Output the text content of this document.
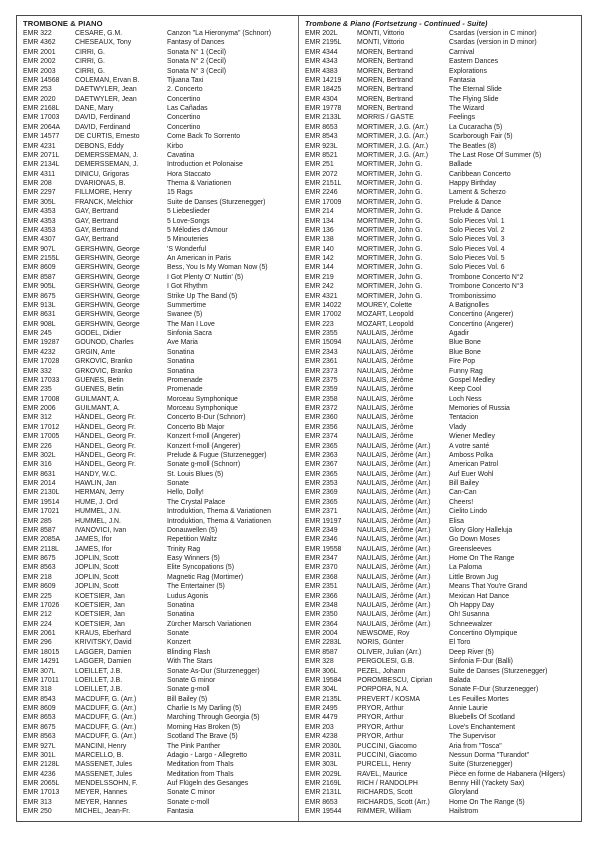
TROMBONE & PIANO
EMR 322	CESARE, G.M.	Canzon "La Hieronyma" (Schnorr)
EMR 4362	CHESEAUX, Tony	Fantasy of Dances
EMR 2001	CIRRI, G.	Sonata N° 1 (Cecil)
EMR 2002	CIRRI, G.	Sonata N° 2 (Cecil)
EMR 2003	CIRRI, G.	Sonata N° 3 (Cecil)
EMR 14568	COLEMAN, Ervan B.	Tijuana Taxi
EMR 253	DAETWYLER, Jean	2. Concerto
EMR 2020	DAETWYLER, Jean	Concertino
EMR 2168L	DANE, Mary	Las Cañadas
EMR 17003	DAVID, Ferdinand	Concertino
EMR 2064A	DAVID, Ferdinand	Concertino
EMR 14577	DE CURTIS, Ernesto	Come Back To Sorrento
EMR 4231	DEBONS, Eddy	Kirbo
EMR 2071L	DEMERSSEMAN, J.	Cavatina
EMR 2134L	DEMERSSEMAN, J.	Introduction et Polonaise
EMR 4311	DINICU, Grigoras	Hora Staccato
EMR 208	DVARIONAS, B.	Thema & Variationen
EMR 2297	FILLMORE, Henry	15 Rags
EMR 305L	FRANCK, Melchior	Suite de Danses (Sturzenegger)
EMR 4353	GAY, Bertrand	5 Liebeslieder
EMR 4353	GAY, Bertrand	5 Love-Songs
EMR 4353	GAY, Bertrand	5 Mélodies d'Amour
EMR 4307	GAY, Bertrand	5 Minouteries
EMR 907L	GERSHWIN, George	'S Wonderful
EMR 2155L	GERSHWIN, George	An American in Paris
EMR 8609	GERSHWIN, George	Bess, You Is My Woman Now (5)
EMR 8587	GERSHWIN, George	I Got Plenty O' Nuttin' (5)
EMR 905L	GERSHWIN, George	I Got Rhythm
EMR 8675	GERSHWIN, George	Strike Up The Band (5)
EMR 913L	GERSHWIN, George	Summertime
EMR 8631	GERSHWIN, George	Swanee (5)
EMR 908L	GERSHWIN, George	The Man I Love
EMR 245	GODEL, Didier	Sinfonia Sacra
EMR 19287	GOUNOD, Charles	Ave Maria
EMR 4232	GRGIN, Ante	Sonatina
EMR 17028	GRKOVIC, Branko	Sonatina
EMR 332	GRKOVIC, Branko	Sonatina
EMR 17033	GUENES, Betin	Promenade
EMR 235	GUENES, Betin	Promenade
EMR 17008	GUILMANT, A.	Morceau Symphonique
EMR 2006	GUILMANT, A.	Morceau Symphonique
EMR 312	HÄNDEL, Georg Fr.	Concerto B-Dur (Schnorr)
EMR 17012	HÄNDEL, Georg Fr.	Concerto Bb Major
EMR 17005	HÄNDEL, Georg Fr.	Konzert f-moll (Angerer)
EMR 226	HÄNDEL, Georg Fr.	Konzert f-moll (Angerer)
EMR 302L	HÄNDEL, Georg Fr.	Prelude & Fugue (Sturzenegger)
EMR 316	HÄNDEL, Georg Fr.	Sonate g-moll (Schnorr)
EMR 8631	HANDY, W.C.	St. Louis Blues (5)
EMR 2014	HAWLIN, Jan	Sonate
EMR 2130L	HERMAN, Jerry	Hello, Dolly!
EMR 19514	HUME, J. Ord	The Crystal Palace
EMR 17021	HUMMEL, J.N.	Introduktion, Thema & Variationen
EMR 285	HUMMEL, J.N.	Introduktion, Thema & Variationen
EMR 8587	IVANOVICI, Ivan	Donauwellen (5)
EMR 2085A	JAMES, Ifor	Repetition Waltz
EMR 2118L	JAMES, Ifor	Trinity Rag
EMR 8675	JOPLIN, Scott	Easy Winners (5)
EMR 8563	JOPLIN, Scott	Elite Syncopations (5)
EMR 218	JOPLIN, Scott	Magnetic Rag (Mortimer)
EMR 8609	JOPLIN, Scott	The Entertainer (5)
EMR 225	KOETSIER, Jan	Ludus Agonis
EMR 17026	KOETSIER, Jan	Sonatina
EMR 212	KOETSIER, Jan	Sonatina
EMR 224	KOETSIER, Jan	Zürcher Marsch Variationen
EMR 2061	KRAUS, Eberhard	Sonate
EMR 296	KRIVITSKY, David	Konzert
EMR 18015	LAGGER, Damien	Blinding Flash
EMR 14291	LAGGER, Damien	With The Stars
EMR 307L	LOEILLET, J.B.	Sonate As-Dur (Sturzenegger)
EMR 17011	LOEILLET, J.B.	Sonate G minor
EMR 318	LOEILLET, J.B.	Sonate g-moll
EMR 8543	MACDUFF, G. (Arr.)	Bill Bailey (5)
EMR 8609	MACDUFF, G. (Arr.)	Charlie Is My Darling (5)
EMR 8653	MACDUFF, G. (Arr.)	Marching Through Georgia (5)
EMR 8675	MACDUFF, G. (Arr.)	Morning Has Broken (5)
EMR 8563	MACDUFF, G. (Arr.)	Scotland The Brave (5)
EMR 927L	MANCINI, Henry	The Pink Panther
EMR 301L	MARCELLO, B.	Adagio - Largo - Allegretto
EMR 2128L	MASSENET, Jules	Meditation from Thaïs
EMR 4236	MASSENET, Jules	Meditation from Thaïs
EMR 2065L	MENDELSSOHN, F.	Auf Flügeln des Gesanges
EMR 17013	MEYER, Hannes	Sonate C minor
EMR 313	MEYER, Hannes	Sonate c-moll
EMR 250	MICHEL, Jean-Fr.	Fantasia
Trombone & Piano (Fortsetzung - Continued - Suite)
EMR 202L	MONTI, Vittorio	Csardas (version in C minor)
EMR 2195L	MONTI, Vittorio	Csardas (version in D minor)
EMR 4344	MOREN, Bertrand	Carnival
EMR 4343	MOREN, Bertrand	Eastern Dances
EMR 4383	MOREN, Bertrand	Explorations
EMR 14219	MOREN, Bertrand	Fantasia
EMR 18425	MOREN, Bertrand	The Eternal Slide
EMR 4304	MOREN, Bertrand	The Flying Slide
EMR 19778	MOREN, Bertrand	The Wizard
EMR 2133L	MORRIS / GASTE	Feelings
EMR 8653	MORTIMER, J.G. (Arr.)	La Cucaracha (5)
EMR 8543	MORTIMER, J.G. (Arr.)	Scarborough Fair (5)
EMR 923L	MORTIMER, J.G. (Arr.)	The Beatles (8)
EMR 8521	MORTIMER, J.G. (Arr.)	The Last Rose Of Summer (5)
EMR 251	MORTIMER, John G.	Ballade
EMR 2072	MORTIMER, John G.	Caribbean Concerto
EMR 2151L	MORTIMER, John G.	Happy Birthday
EMR 2246	MORTIMER, John G.	Lament & Scherzo
EMR 17009	MORTIMER, John G.	Prelude & Dance
EMR 214	MORTIMER, John G.	Prelude & Dance
EMR 134	MORTIMER, John G.	Solo Pieces Vol. 1
EMR 136	MORTIMER, John G.	Solo Pieces Vol. 2
EMR 138	MORTIMER, John G.	Solo Pieces Vol. 3
EMR 140	MORTIMER, John G.	Solo Pieces Vol. 4
EMR 142	MORTIMER, John G.	Solo Pieces Vol. 5
EMR 144	MORTIMER, John G.	Solo Pieces Vol. 6
EMR 219	MORTIMER, John G.	Trombone Concerto N°2
EMR 242	MORTIMER, John G.	Trombone Concerto N°3
EMR 4321	MORTIMER, John G.	Trombonissimo
EMR 14022	MOUREY, Colette	A Batignolles
EMR 17002	MOZART, Leopold	Concertino (Angerer)
EMR 223	MOZART, Leopold	Concertino (Angerer)
EMR 2355	NAULAIS, Jérôme	Agadir
EMR 15094	NAULAIS, Jérôme	Blue Bone
EMR 2343	NAULAIS, Jérôme	Blue Bone
EMR 2361	NAULAIS, Jérôme	Fire Pop
EMR 2373	NAULAIS, Jérôme	Funny Rag
EMR 2375	NAULAIS, Jérôme	Gospel Medley
EMR 2359	NAULAIS, Jérôme	Keep Cool
EMR 2358	NAULAIS, Jérôme	Loch Ness
EMR 2372	NAULAIS, Jérôme	Memories of Russia
EMR 2360	NAULAIS, Jérôme	Tentacion
EMR 2356	NAULAIS, Jérôme	Vlady
EMR 2374	NAULAIS, Jérôme	Wiener Medley
EMR 2365	NAULAIS, Jérôme (Arr.)	A votre santé
EMR 2363	NAULAIS, Jérôme (Arr.)	Amboss Polka
EMR 2367	NAULAIS, Jérôme (Arr.)	American Patrol
EMR 2365	NAULAIS, Jérôme (Arr.)	Auf Euer Wohl
EMR 2353	NAULAIS, Jérôme (Arr.)	Bill Bailey
EMR 2369	NAULAIS, Jérôme (Arr.)	Can-Can
EMR 2365	NAULAIS, Jérôme (Arr.)	Cheers!
EMR 2371	NAULAIS, Jérôme (Arr.)	Cielito Lindo
EMR 19197	NAULAIS, Jérôme (Arr.)	Elisa
EMR 2349	NAULAIS, Jérôme (Arr.)	Glory Glory Halleluja
EMR 2346	NAULAIS, Jérôme (Arr.)	Go Down Moses
EMR 19558	NAULAIS, Jérôme (Arr.)	Greensleeves
EMR 2347	NAULAIS, Jérôme (Arr.)	Home On The Range
EMR 2370	NAULAIS, Jérôme (Arr.)	La Paloma
EMR 2368	NAULAIS, Jérôme (Arr.)	Little Brown Jug
EMR 2351	NAULAIS, Jérôme (Arr.)	Means That You're Grand
EMR 2366	NAULAIS, Jérôme (Arr.)	Mexican Hat Dance
EMR 2348	NAULAIS, Jérôme (Arr.)	Oh Happy Day
EMR 2350	NAULAIS, Jérôme (Arr.)	Oh! Susanna
EMR 2364	NAULAIS, Jérôme (Arr.)	Schneewalzer
EMR 2004	NEWSOME, Roy	Concertino Olympique
EMR 2283L	NORIS, Günter	El Toro
EMR 8587	OLIVER, Julian (Arr.)	Deep River (5)
EMR 328	PERGOLESI, G.B.	Sinfonia F-Dur (Balli)
EMR 306L	PEZEL, Johann	Suite de Danses (Sturzenegger)
EMR 19584	POROMBESCU, Ciprian	Balada
EMR 304L	PORPORA, N.A.	Sonate F-Dur (Sturzenegger)
EMR 2135L	PREVERT / KOSMA	Les Feuilles Mortes
EMR 2495	PRYOR, Arthur	Annie Laurie
EMR 4479	PRYOR, Arthur	Bluebells Of Scotland
EMR 203	PRYOR, Arthur	Love's Enchantement
EMR 4238	PRYOR, Arthur	The Supervisor
EMR 2030L	PUCCINI, Giacomo	Aria from "Tosca"
EMR 2031L	PUCCINI, Giacomo	Nessun Dorma "Turandot"
EMR 303L	PURCELL, Henry	Suite (Sturzenegger)
EMR 2029L	RAVEL, Maurice	Pièce en forme de Habanera (Hilgers)
EMR 2169L	RICH / RANDOLPH	Benny Hill (Yackety Sax)
EMR 2131L	RICHARDS, Scott	Gloryland
EMR 8653	RICHARDS, Scott (Arr.)	Home On The Range (5)
EMR 19544	RIMMER, William	Hailstrom
